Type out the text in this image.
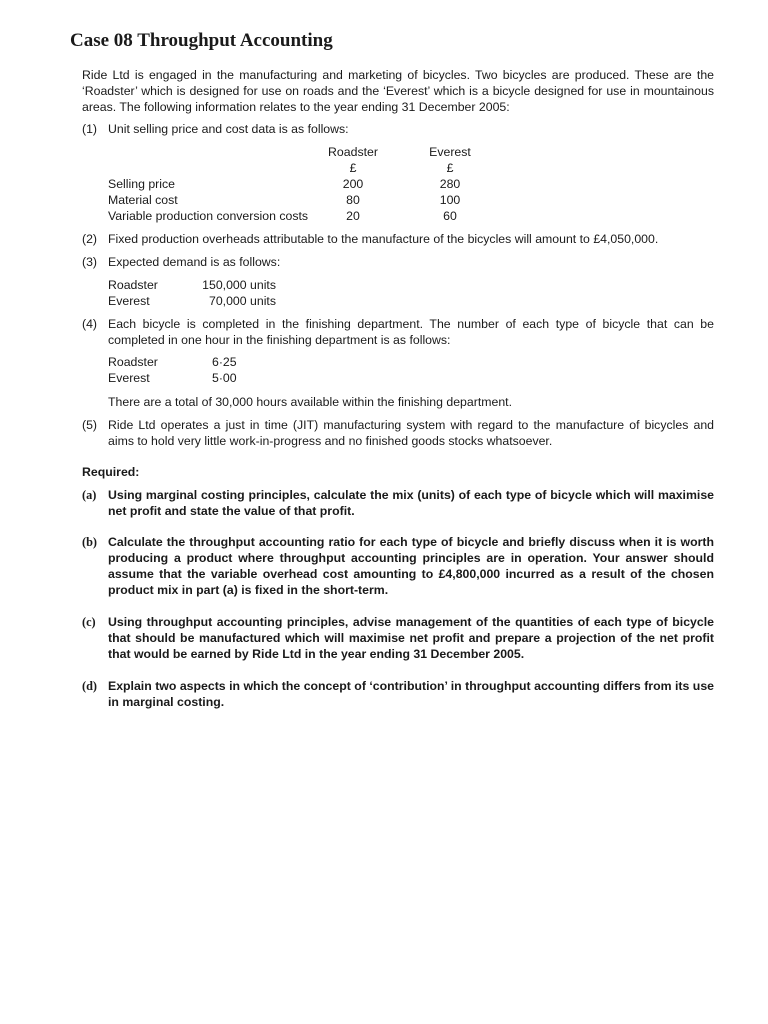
Case 08 Throughput Accounting

Ride Ltd is engaged in the manufacturing and marketing of bicycles. Two bicycles are produced. These are the ‘Roadster’ which is designed for use on roads and the ‘Everest’ which is a bicycle designed for use in mountainous areas. The following information relates to the year ending 31 December 2005:

(1) Unit selling price and cost data is as follows:
	Roadster		Everest
	£		£
Selling price	200		280
Material cost	80		100
Variable production conversion costs	20		60
(2) Fixed production overheads attributable to the manufacture of the bicycles will amount to £4,050,000.
(3) Expected demand is as follows:
Roadster	150,000 units
Everest	70,000 units
(4) Each bicycle is completed in the finishing department. The number of each type of bicycle that can be completed in one hour in the finishing department is as follows:
Roadster	6·25
Everest	5·00
There are a total of 30,000 hours available within the finishing department.
(5) Ride Ltd operates a just in time (JIT) manufacturing system with regard to the manufacture of bicycles and aims to hold very little work-in-progress and no finished goods stocks whatsoever.
Required:
(a) Using marginal costing principles, calculate the mix (units) of each type of bicycle which will maximise net profit and state the value of that profit.
(b) Calculate the throughput accounting ratio for each type of bicycle and briefly discuss when it is worth producing a product where throughput accounting principles are in operation. Your answer should assume that the variable overhead cost amounting to £4,800,000 incurred as a result of the chosen product mix in part (a) is fixed in the short-term.
(c) Using throughput accounting principles, advise management of the quantities of each type of bicycle that should be manufactured which will maximise net profit and prepare a projection of the net profit that would be earned by Ride Ltd in the year ending 31 December 2005.
(d) Explain two aspects in which the concept of ‘contribution’ in throughput accounting differs from its use in marginal costing.
